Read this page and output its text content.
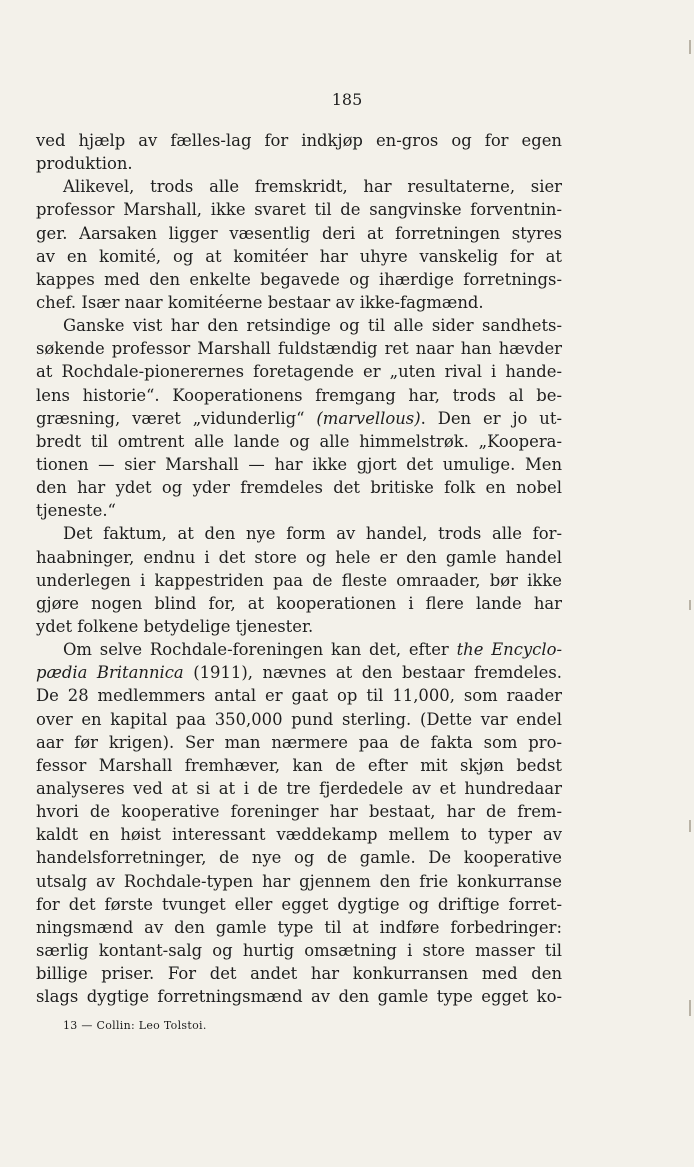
185
ved hjælp av fælles-lag for indkjøp en-gros og for egen
produktion.
Alikevel, trods alle fremskridt, har resultaterne, sier
professor Marshall, ikke svaret til de sangvinske forventnin-
ger. Aarsaken ligger væsentlig deri at forretningen styres
av en komité, og at komitéer har uhyre vanskelig for at
kappes med den enkelte begavede og ihærdige forretnings-
chef. Især naar komitéerne bestaar av ikke-fagmænd.
Ganske vist har den retsindige og til alle sider sandhets-
søkende professor Marshall fuldstændig ret naar han hævder
at Rochdale-pionerernes foretagende er „uten rival i hande-
lens historie“. Kooperationens fremgang har, trods al be-
græsning, været „vidunderlig“ (marvellous). Den er jo ut-
bredt til omtrent alle lande og alle himmelstrøk. „Koopera-
tionen — sier Marshall — har ikke gjort det umulige. Men
den har ydet og yder fremdeles det britiske folk en nobel
tjeneste.“
Det faktum, at den nye form av handel, trods alle for-
haabninger, endnu i det store og hele er den gamle handel
underlegen i kappestriden paa de fleste omraader, bør ikke
gjøre nogen blind for, at kooperationen i flere lande har
ydet folkene betydelige tjenester.
Om selve Rochdale-foreningen kan det, efter the Encyclo-
pædia Britannica (1911), nævnes at den bestaar fremdeles.
De 28 medlemmers antal er gaat op til 11,000, som raader
over en kapital paa 350,000 pund sterling. (Dette var endel
aar før krigen). Ser man nærmere paa de fakta som pro-
fessor Marshall fremhæver, kan de efter mit skjøn bedst
analyseres ved at si at i de tre fjerdedele av et hundredaar
hvori de kooperative foreninger har bestaat, har de frem-
kaldt en høist interessant væddekamp mellem to typer av
handelsforretninger, de nye og de gamle. De kooperative
utsalg av Rochdale-typen har gjennem den frie konkurranse
for det første tvunget eller egget dygtige og driftige forret-
ningsmænd av den gamle type til at indføre forbedringer:
særlig kontant-salg og hurtig omsætning i store masser til
billige priser. For det andet har konkurransen med den
slags dygtige forretningsmænd av den gamle type egget ko-
13 — Collin: Leo Tolstoi.
